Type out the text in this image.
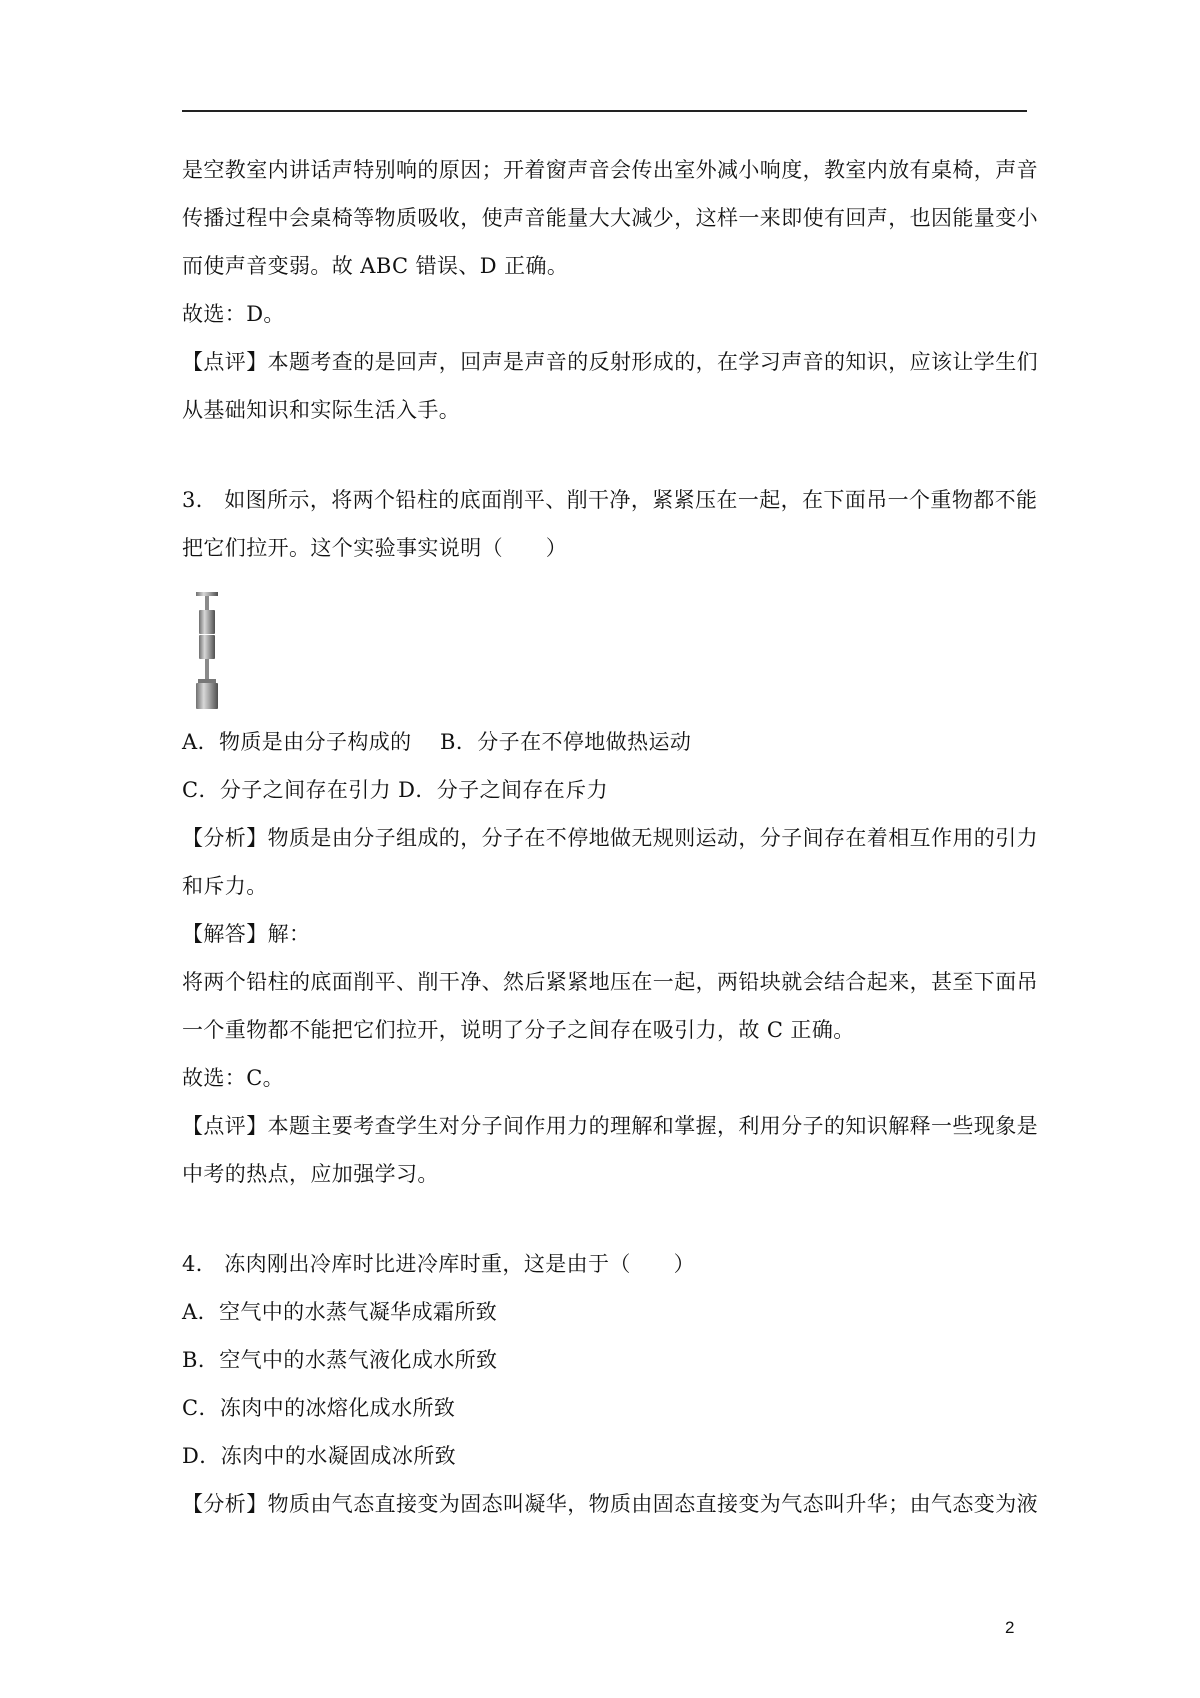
是空教室内讲话声特别响的原因；开着窗声音会传出室外减小响度，教室内放有桌椅，声音
传播过程中会桌椅等物质吸收，使声音能量大大减少，这样一来即使有回声，也因能量变小
而使声音变弱。故 ABC 错误、D 正确。
故选：D。
【点评】本题考查的是回声，回声是声音的反射形成的，在学习声音的知识，应该让学生们
从基础知识和实际生活入手。
3． 如图所示，将两个铅柱的底面削平、削干净，紧紧压在一起，在下面吊一个重物都不能
把它们拉开。这个实验事实说明（　　）
A．物质是由分子构成的　 B．分子在不停地做热运动
C．分子之间存在引力 D．分子之间存在斥力
【分析】物质是由分子组成的，分子在不停地做无规则运动，分子间存在着相互作用的引力
和斥力。
【解答】解：
将两个铅柱的底面削平、削干净、然后紧紧地压在一起，两铅块就会结合起来，甚至下面吊
一个重物都不能把它们拉开，说明了分子之间存在吸引力，故 C 正确。
故选：C。
【点评】本题主要考查学生对分子间作用力的理解和掌握，利用分子的知识解释一些现象是
中考的热点，应加强学习。
4． 冻肉刚出冷库时比进冷库时重，这是由于（　　）
A．空气中的水蒸气凝华成霜所致
B．空气中的水蒸气液化成水所致
C．冻肉中的冰熔化成水所致
D．冻肉中的水凝固成冰所致
【分析】物质由气态直接变为固态叫凝华，物质由固态直接变为气态叫升华；由气态变为液
2
